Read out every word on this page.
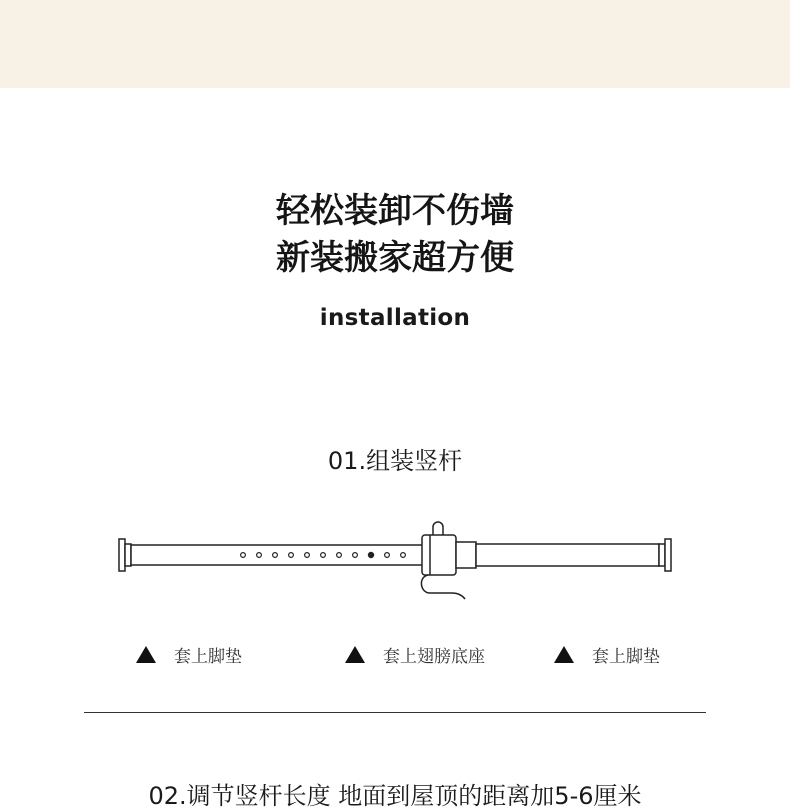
轻松装卸不伤墙
新装搬家超方便
installation
01.组装竖杆
套上脚垫	套上翅膀底座	套上脚垫
02.调节竖杆长度 地面到屋顶的距离加5-6厘米
